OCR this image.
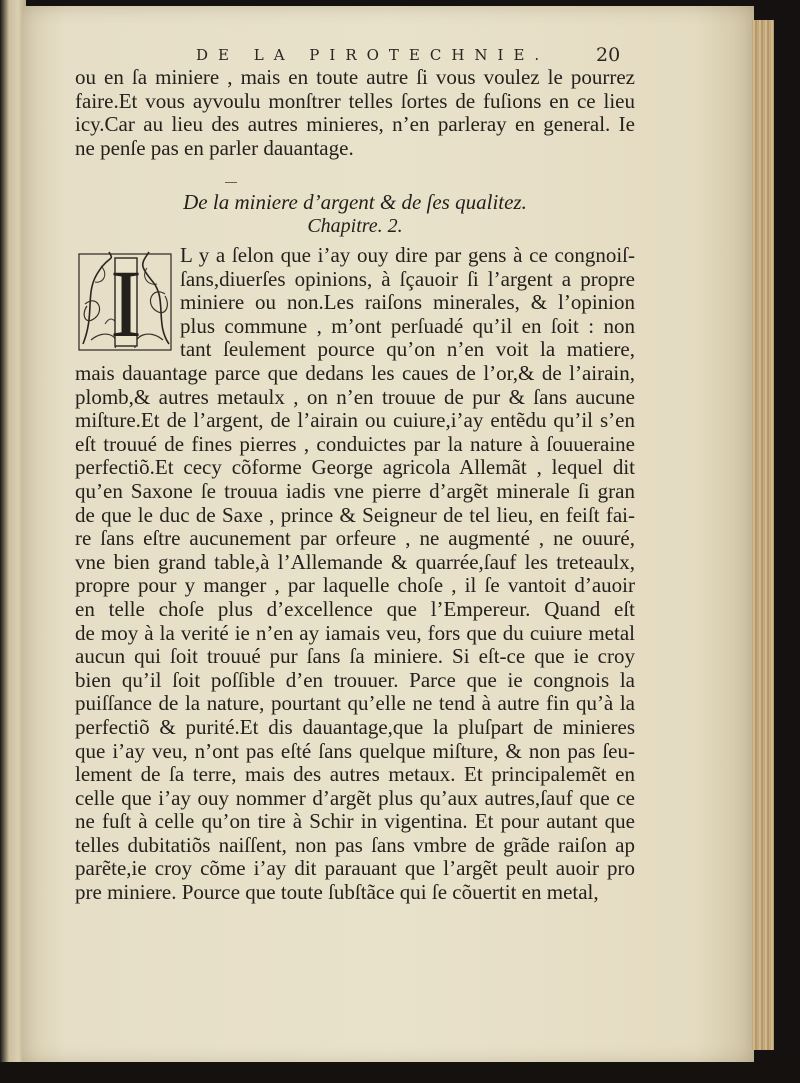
DE LA PIROTECHNIE. 20
ou en ſa miniere , mais en toute autre ſi vous voulez le pourrez
faire.Et vous ayvoulu monſtrer telles ſortes de fuſions en ce lieu
icy.Car au lieu des autres minieres, n’en parleray en general. Ie
ne penſe pas en parler dauantage.
De la miniere d’argent & de ſes qualitez.
Chapitre. 2.
I L y a ſelon que i’ay ouy dire par gens à ce congnoiſ-
ſans,diuerſes opinions, à ſçauoir ſi l’argent a propre
miniere ou non.Les raiſons minerales, & l’opinion
plus commune , m’ont perſuadé qu’il en ſoit : non
tant ſeulement pource qu’on n’en voit la matiere,
mais dauantage parce que dedans les caues de l’or,& de l’airain,
plomb,& autres metaulx , on n’en trouue de pur & ſans aucune
miſture.Et de l’argent, de l’airain ou cuiure,i’ay entẽdu qu’il s’en
eſt trouué de fines pierres , conduictes par la nature à ſouueraine
perfectiõ.Et cecy cõforme George agricola Allemãt , lequel dit
qu’en Saxone ſe trouua iadis vne pierre d’argẽt minerale ſi gran
de que le duc de Saxe , prince & Seigneur de tel lieu, en feiſt fai-
re ſans eſtre aucunement par orfeure , ne augmenté , ne ouuré,
vne bien grand table,à l’Allemande & quarrée,ſauf les treteaulx,
propre pour y manger , par laquelle choſe , il ſe vantoit d’auoir
en telle choſe plus d’excellence que l’Empereur. Quand eſt
de moy à la verité ie n’en ay iamais veu, fors que du cuiure metal
aucun qui ſoit trouué pur ſans ſa miniere. Si eſt-ce que ie croy
bien qu’il ſoit poſſible d’en trouuer. Parce que ie congnois la
puiſſance de la nature, pourtant qu’elle ne tend à autre fin qu’à la
perfectiõ & purité.Et dis dauantage,que la pluſpart de minieres
que i’ay veu, n’ont pas eſté ſans quelque miſture, & non pas ſeu-
lement de ſa terre, mais des autres metaux. Et principalemẽt en
celle que i’ay ouy nommer d’argẽt plus qu’aux autres,ſauf que ce
ne fuſt à celle qu’on tire à Schir in vigentina. Et pour autant que
telles dubitatiõs naiſſent, non pas ſans vmbre de grãde raiſon ap
parẽte,ie croy cõme i’ay dit parauant que l’argẽt peult auoir pro
pre miniere. Pource que toute ſubſtãce qui ſe cõuertit en metal,
